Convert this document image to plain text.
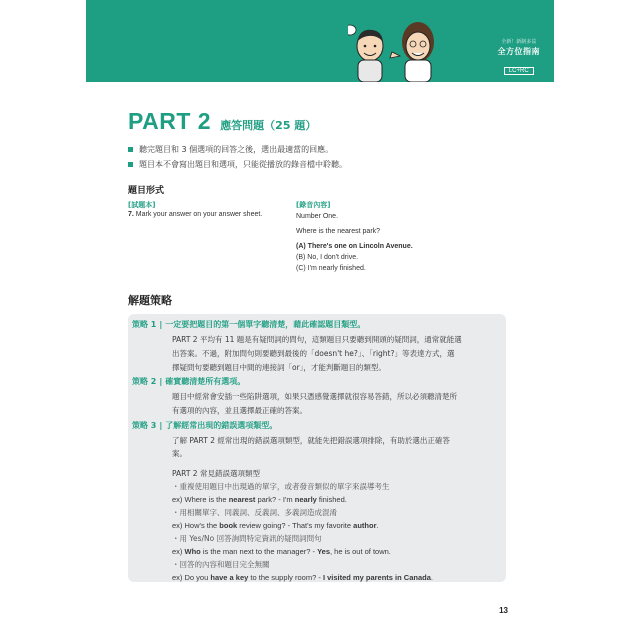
全新！新制多益
全方位指南
LC+RC
PART 2 應答問題（25 題）
聽完題目和 3 個選項的回答之後，選出最適當的回應。
題目本不會寫出題目和選項，只能從播放的錄音檔中聆聽。
題目形式
[試題本]	[錄音內容]
7. Mark your answer on your answer sheet.	Number One.
Where is the nearest park?
(A) There's one on Lincoln Avenue.
(B) No, I don't drive.
(C) I'm nearly finished.
解題策略
策略 1 | 一定要把題目的第一個單字聽清楚，藉此確認題目類型。
PART 2 平均有 11 題是有疑問詞的問句，這類題目只要聽到開頭的疑問詞，通常就能選
出答案。不過，附加問句則要聽到最後的「doesn't he?」、「right?」等表達方式，選
擇疑問句要聽到題目中間的連接詞「or」，才能判斷題目的類型。
策略 2 | 確實聽清楚所有選項。
題目中經常會安插一些陷阱選項，如果只憑感覺選擇就很容易答錯，所以必須聽清楚所
有選項的內容，並且選擇最正確的答案。
策略 3 | 了解經常出現的錯誤選項類型。
了解 PART 2 經常出現的錯誤選項類型，就能先把錯誤選項排除，有助於選出正確答
案。
PART 2 常見錯誤選項類型
・重複使用題目中出現過的單字，或者發音類似的單字來誤導考生
ex) Where is the nearest park? - I'm nearly finished.
・用相關單字、同義詞、反義詞、多義詞造成混淆
ex) How's the book review going? - That's my favorite author.
・用 Yes/No 回答詢問特定資訊的疑問詞問句
ex) Who is the man next to the manager? - Yes, he is out of town.
・回答的內容和題目完全無關
ex) Do you have a key to the supply room? - I visited my parents in Canada.
13
